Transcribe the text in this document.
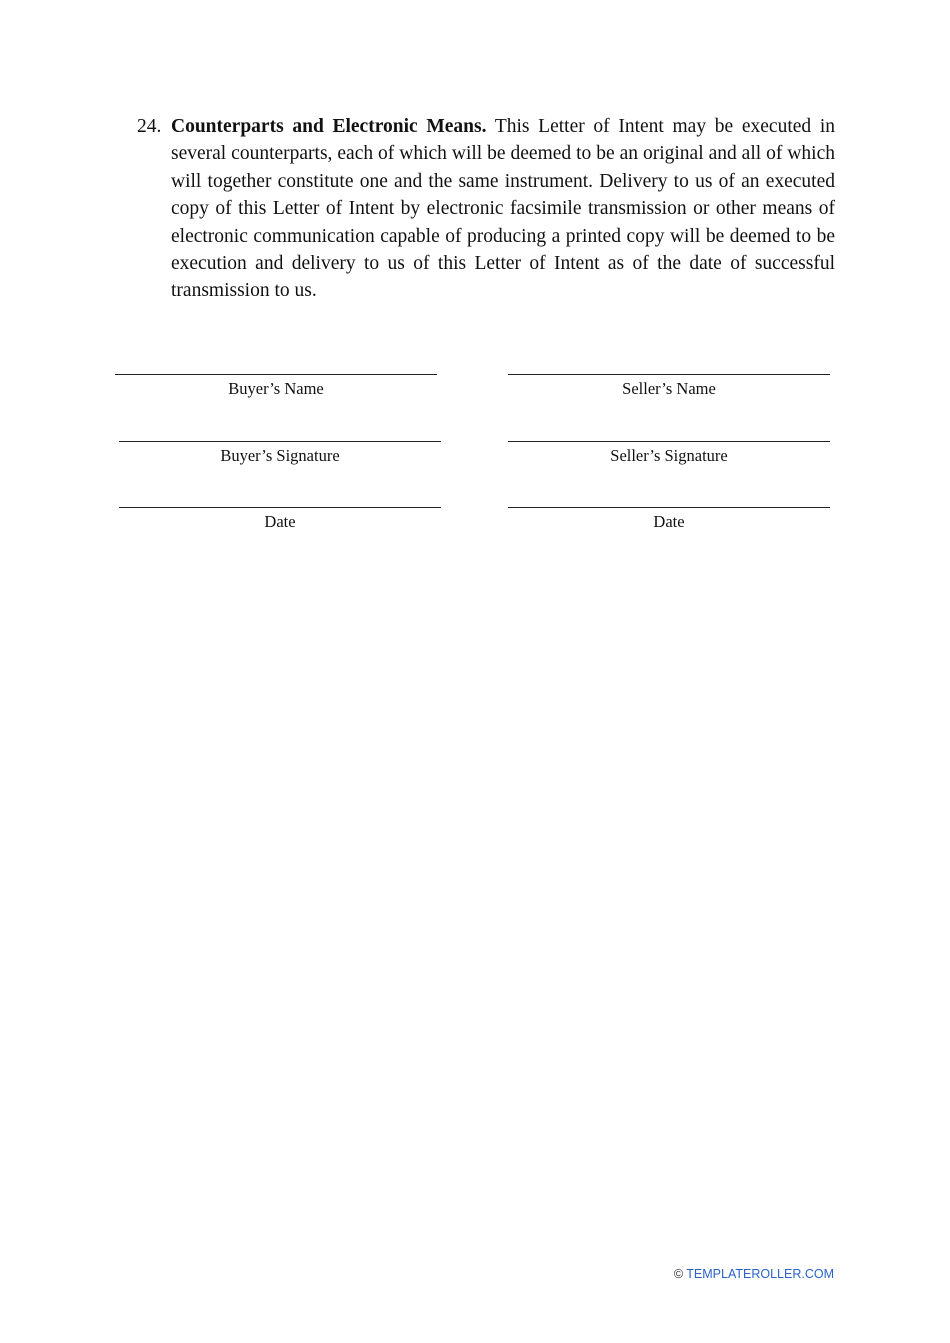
24. Counterparts and Electronic Means. This Letter of Intent may be executed in several counterparts, each of which will be deemed to be an original and all of which will together constitute one and the same instrument. Delivery to us of an executed copy of this Letter of Intent by electronic facsimile transmission or other means of electronic communication capable of producing a printed copy will be deemed to be execution and delivery to us of this Letter of Intent as of the date of successful transmission to us.
Buyer’s Name	Seller’s Name
Buyer’s Signature	Seller’s Signature
Date	Date
© TEMPLATEROLLER.COM
